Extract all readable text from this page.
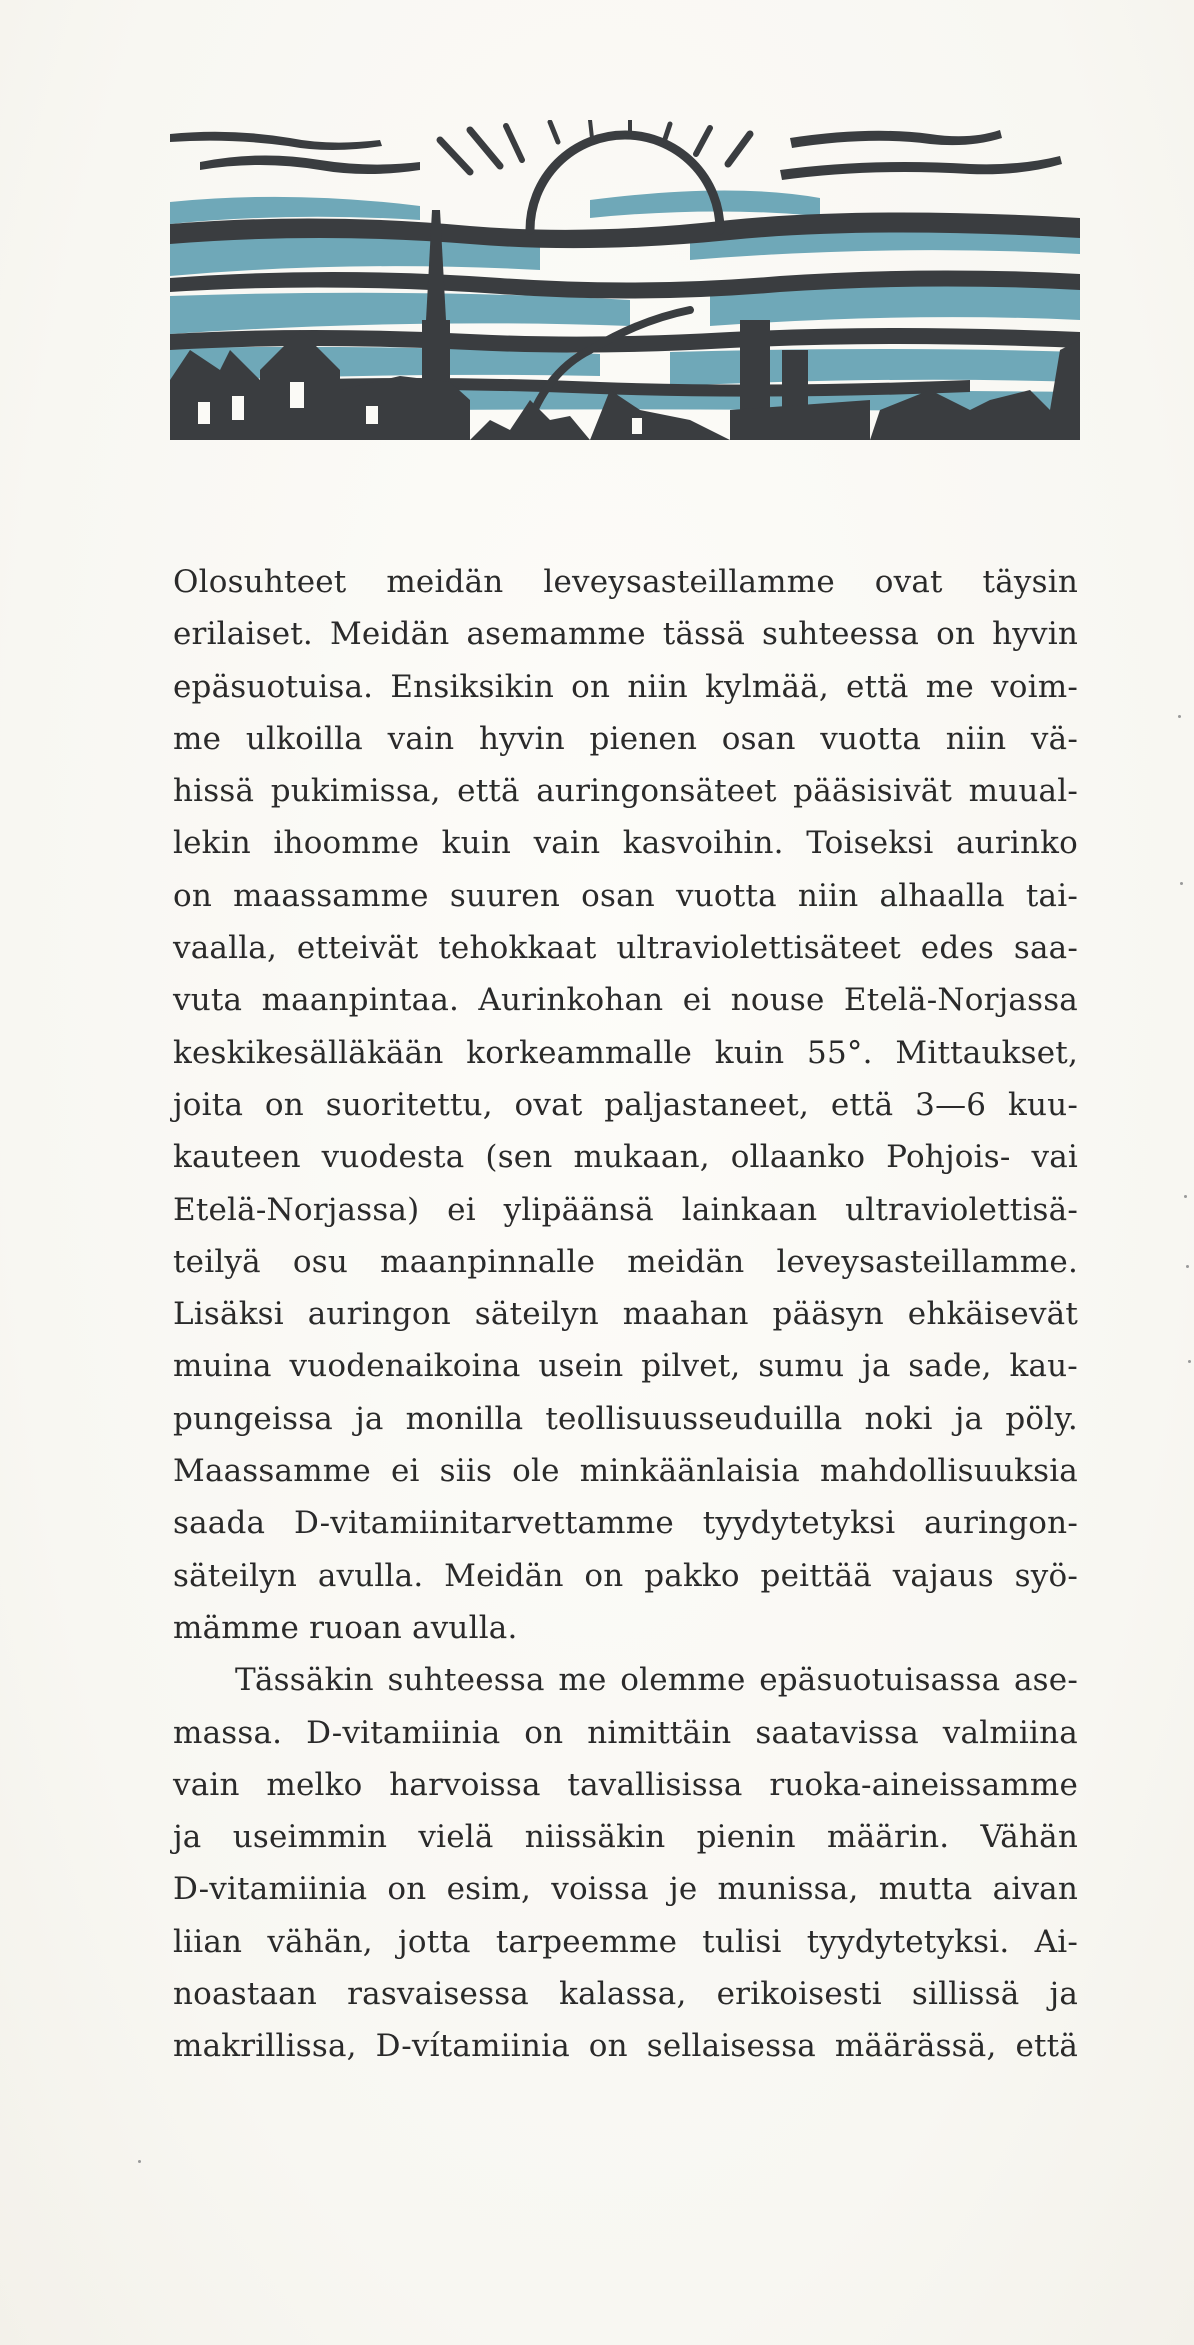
Olosuhteet meidän leveysasteillamme ovat täysin
erilaiset. Meidän asemamme tässä suhteessa on hyvin
epäsuotuisa. Ensiksikin on niin kylmää, että me voim-
me ulkoilla vain hyvin pienen osan vuotta niin vä-
hissä pukimissa, että auringonsäteet pääsisivät muual-
lekin ihoomme kuin vain kasvoihin. Toiseksi aurinko
on maassamme suuren osan vuotta niin alhaalla tai-
vaalla, etteivät tehokkaat ultraviolettisäteet edes saa-
vuta maanpintaa. Aurinkohan ei nouse Etelä-Norjassa
keskikesälläkään korkeammalle kuin 55°. Mittaukset,
joita on suoritettu, ovat paljastaneet, että 3—6 kuu-
kauteen vuodesta (sen mukaan, ollaanko Pohjois- vai
Etelä-Norjassa) ei ylipäänsä lainkaan ultraviolettisä-
teilyä osu maanpinnalle meidän leveysasteillamme.
Lisäksi auringon säteilyn maahan pääsyn ehkäisevät
muina vuodenaikoina usein pilvet, sumu ja sade, kau-
pungeissa ja monilla teollisuusseuduilla noki ja pöly.
Maassamme ei siis ole minkäänlaisia mahdollisuuksia
saada D-vitamiinitarvettamme tyydytetyksi auringon-
säteilyn avulla. Meidän on pakko peittää vajaus syö-
mämme ruoan avulla.
Tässäkin suhteessa me olemme epäsuotuisassa ase-
massa. D-vitamiinia on nimittäin saatavissa valmiina
vain melko harvoissa tavallisissa ruoka-aineissamme
ja useimmin vielä niissäkin pienin määrin. Vähän
D-vitamiinia on esim, voissa je munissa, mutta aivan
liian vähän, jotta tarpeemme tulisi tyydytetyksi. Ai-
noastaan rasvaisessa kalassa, erikoisesti sillissä ja
makrillissa, D-vítamiinia on sellaisessa määrässä, että
